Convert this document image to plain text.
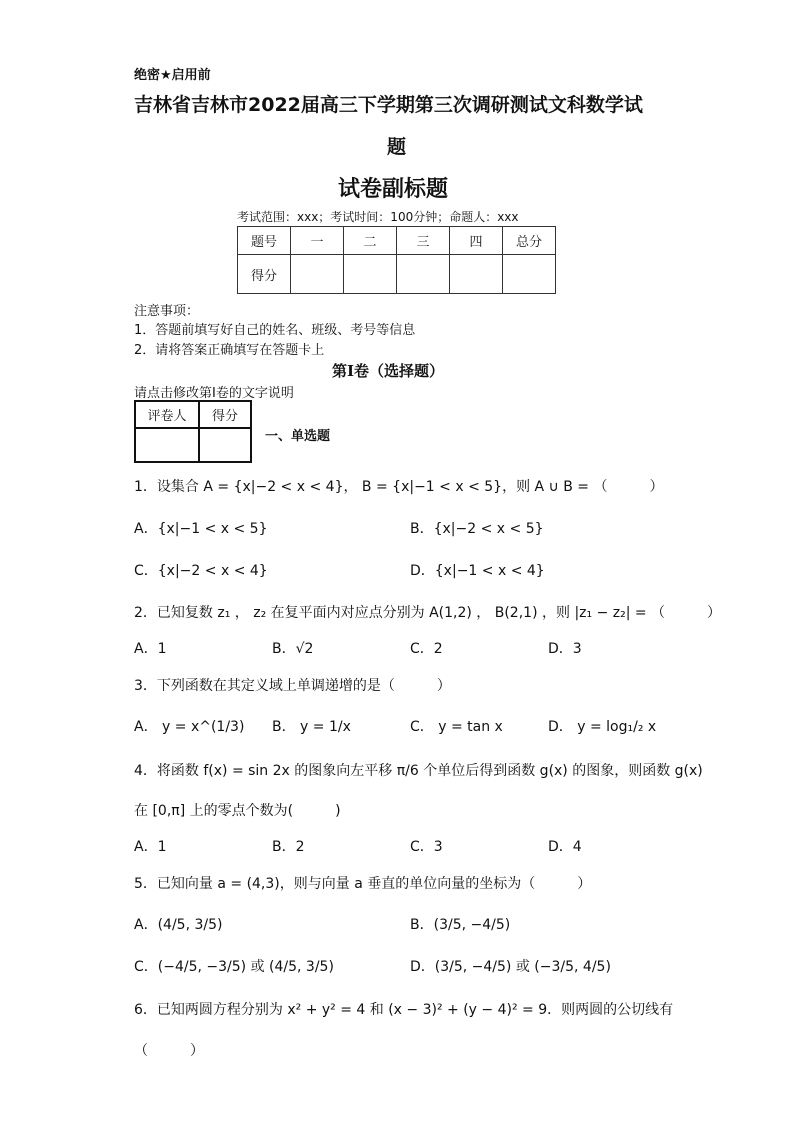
绝密★启用前
吉林省吉林市2022届高三下学期第三次调研测试文科数学试
题
试卷副标题
考试范围：xxx；考试时间：100分钟；命题人：xxx
题号	一	二	三	四	总分
得分					
注意事项：
1．答题前填写好自己的姓名、班级、考号等信息
2．请将答案正确填写在答题卡上
第I卷（选择题）
请点击修改第I卷的文字说明
评卷人	得分

一、单选题
1．设集合 A = {x|−2 < x < 4}， B = {x|−1 < x < 5}，则 A ∪ B = （　　　）
A．{x|−1 < x < 5}	B．{x|−2 < x < 5}
C．{x|−2 < x < 4}	D．{x|−1 < x < 4}
2．已知复数 z₁ ， z₂ 在复平面内对应点分别为 A(1,2) ， B(2,1) ，则 |z₁ − z₂| = （　　　）
A．1	B．√2	C．2	D．3
3．下列函数在其定义域上单调递增的是（　　　）
A． y = x^(1/3) B． y = 1/x	C． y = tan x	D． y = log₁/₂ x
4．将函数 f(x) = sin 2x 的图象向左平移 π/6 个单位后得到函数 g(x) 的图象，则函数 g(x)
在 [0,π] 上的零点个数为(　　　)
A．1	B．2	C．3	D．4
5．已知向量 a = (4,3)，则与向量 a 垂直的单位向量的坐标为（　　　）
A．(4/5, 3/5)	B．(3/5, −4/5)
C．(−4/5, −3/5) 或 (4/5, 3/5)	D．(3/5, −4/5) 或 (−3/5, 4/5)
6．已知两圆方程分别为 x² + y² = 4 和 (x − 3)² + (y − 4)² = 9．则两圆的公切线有
（　　　）
